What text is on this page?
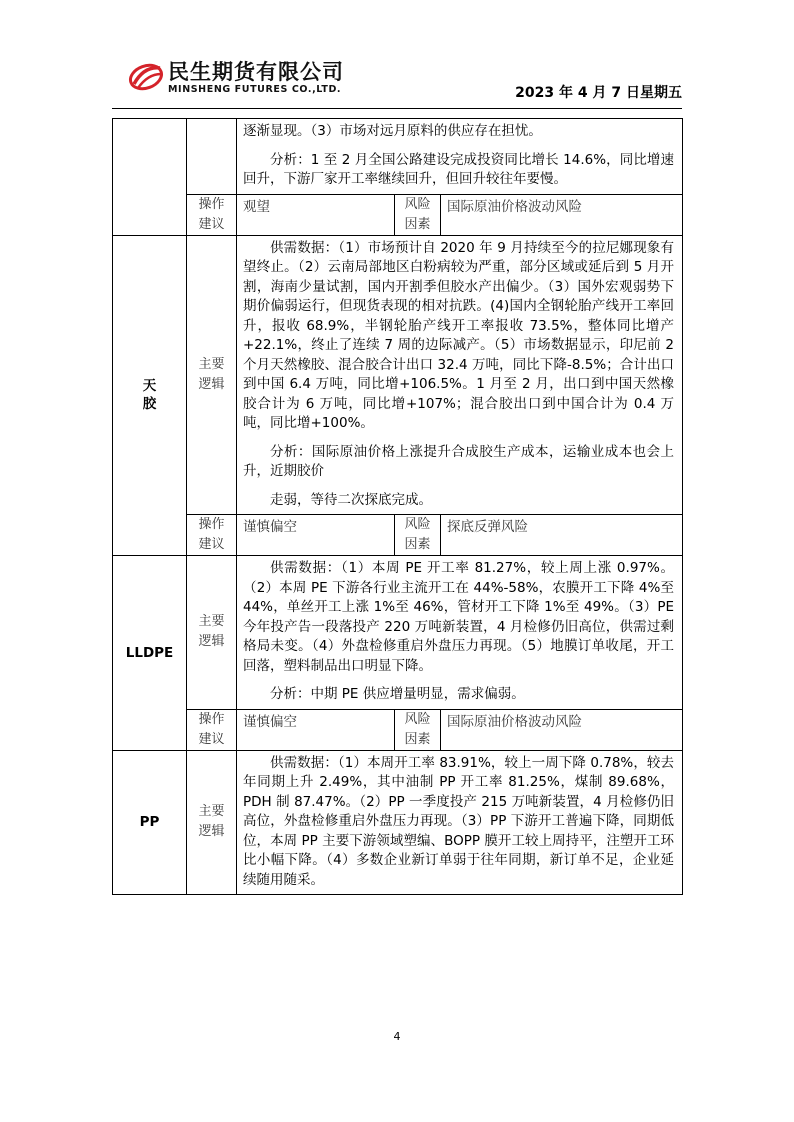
民生期货有限公司
MINSHENG FUTURES CO.,LTD.	2023 年 4 月 7 日星期五

		逐渐显现。（3）市场对远月原料的供应存在担忧。

分析：1 至 2 月全国公路建设完成投资同比增长 14.6%，同比增速回升，下游厂家开工率继续回升，但回升较往年要慢。		

	操作建议	观望	风险因素	国际原油价格波动风险
天胶	主要逻辑	供需数据：（1）市场预计自 2020 年 9 月持续至今的拉尼娜现象有望终止。（2）云南局部地区白粉病较为严重，部分区域或延后到 5 月开割，海南少量试割，国内开割季但胶水产出偏少。（3）国外宏观弱势下期价偏弱运行，但现货表现的相对抗跌。(4)国内全钢轮胎产线开工率回升，报收 68.9%，半钢轮胎产线开工率报收 73.5%，整体同比增产+22.1%，终止了连续 7 周的边际减产。（5）市场数据显示，印尼前 2 个月天然橡胶、混合胶合计出口 32.4 万吨，同比下降-8.5%；合计出口到中国 6.4 万吨，同比增+106.5%。1 月至 2 月，出口到中国天然橡胶合计为 6 万吨，同比增+107%；混合胶出口到中国合计为 0.4 万吨，同比增+100%。

分析：国际原油价格上涨提升合成胶生产成本，运输业成本也会上升，近期胶价

走弱，等待二次探底完成。		

	操作建议	谨慎偏空	风险因素	探底反弹风险
LLDPE	主要逻辑	供需数据：（1）本周 PE 开工率 81.27%，较上周上涨 0.97%。（2）本周 PE 下游各行业主流开工在 44%-58%，农膜开工下降 4%至 44%，单丝开工上涨 1%至 46%，管材开工下降 1%至 49%。（3）PE 今年投产告一段落投产 220 万吨新装置，4 月检修仍旧高位，供需过剩格局未变。（4）外盘检修重启外盘压力再现。（5）地膜订单收尾，开工回落，塑料制品出口明显下降。

分析：中期 PE 供应增量明显，需求偏弱。		

	操作建议	谨慎偏空	风险因素	国际原油价格波动风险
PP	主要逻辑	供需数据：（1）本周开工率 83.91%，较上一周下降 0.78%，较去年同期上升 2.49%，其中油制 PP 开工率 81.25%，煤制 89.68%，PDH 制 87.47%。（2）PP 一季度投产 215 万吨新装置，4 月检修仍旧高位，外盘检修重启外盘压力再现。（3）PP 下游开工普遍下降，同期低位，本周 PP 主要下游领域塑编、BOPP 膜开工较上周持平，注塑开工环比小幅下降。（4）多数企业新订单弱于往年同期，新订单不足，企业延续随用随采。		

4
